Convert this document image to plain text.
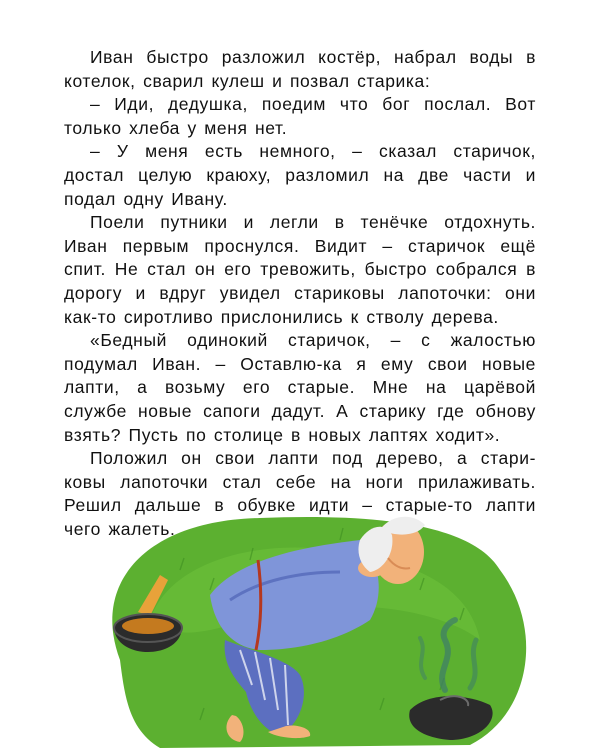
Иван быстро разложил костёр, набрал воды в котелок, сварил кулеш и позвал старика:

– Иди, дедушка, поедим что бог послал. Вот только хлеба у меня нет.

– У меня есть немного, – сказал старичок, достал целую краюху, разломил на две части и подал одну Ивану.

Поели путники и легли в тенёчке отдохнуть. Иван первым проснулся. Видит – старичок ещё спит. Не стал он его тревожить, быстро собрался в дорогу и вдруг увидел стариковы лапоточки: они как-то сиротливо прислонились к стволу дерева.

«Бедный одинокий старичок, – с жалостью подумал Иван. – Оставлю-ка я ему свои новые лапти, а возьму его старые. Мне на царёвой службе новые сапоги дадут. А старику где обнову взять? Пусть по столице в новых лаптях ходит».

Положил он свои лапти под дерево, а стари-ковы лапоточки стал себе на ноги прилаживать. Решил дальше в обувке идти – старые-то лапти чего жалеть.
